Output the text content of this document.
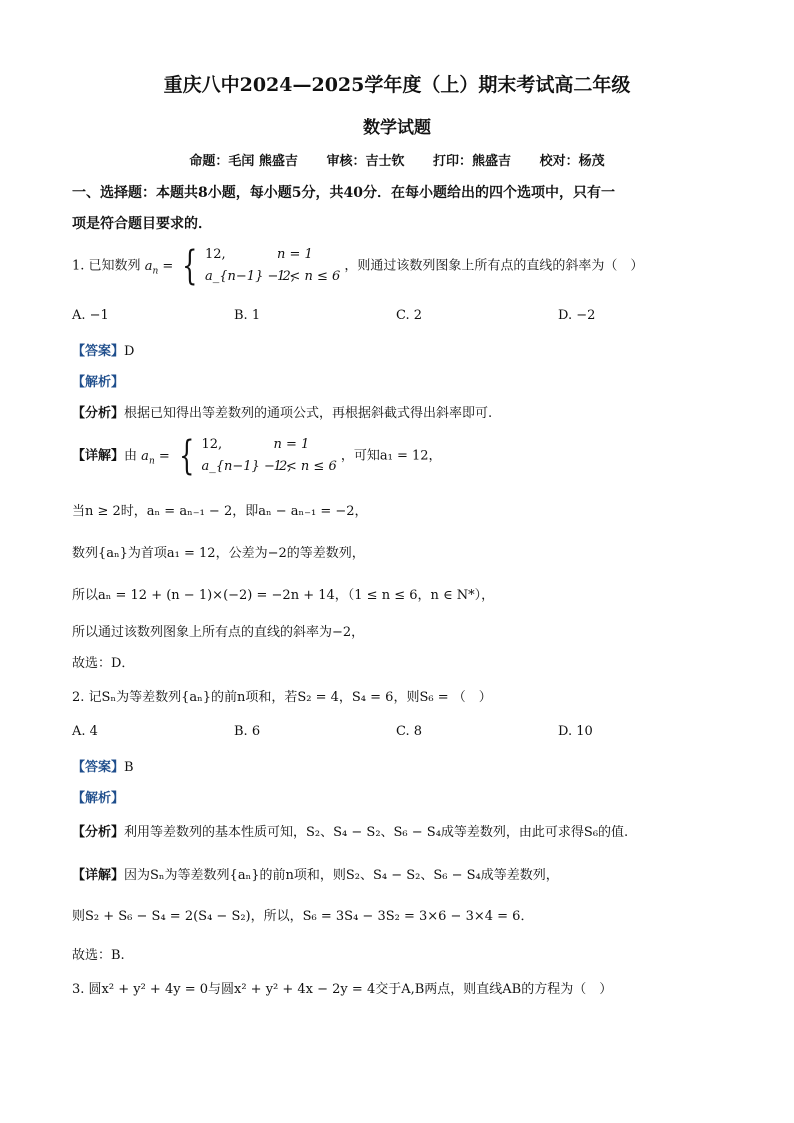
重庆八中2024—2025学年度（上）期末考试高二年级
数学试题
命题：毛闰 熊盛吉 审核：吉士钦 打印：熊盛吉 校对：杨茂
一、选择题：本题共8小题，每小题5分，共40分．在每小题给出的四个选项中，只有一
项是符合题目要求的．
1. 已知数列 $a_n$ = { 12,	n = 1
a_{n−1} − 2,1 < n ≤ 6
，则通过该数列图象上所有点的直线的斜率为（　）
A. −1	B. 1	C. 2	D. −2
【答案】D
【解析】
【分析】根据已知得出等差数列的通项公式，再根据斜截式得出斜率即可.
【详解】由 $a_n$ = { 12,	n = 1
a_{n−1} − 2,1 < n ≤ 6
，可知a₁ = 12，
当n ≥ 2时，aₙ = aₙ₋₁ − 2，即aₙ − aₙ₋₁ = −2，
数列{aₙ}为首项a₁ = 12，公差为−2的等差数列，
所以aₙ = 12 + (n − 1)×(−2) = −2n + 14，（1 ≤ n ≤ 6，n ∈ N*），
所以通过该数列图象上所有点的直线的斜率为−2，
故选：D．
2. 记Sₙ为等差数列{aₙ}的前n项和，若S₂ = 4，S₄ = 6，则S₆ = （　）
A. 4	B. 6	C. 8	D. 10
【答案】B
【解析】
【分析】利用等差数列的基本性质可知，S₂、S₄ − S₂、S₆ − S₄成等差数列，由此可求得S₆的值.
【详解】因为Sₙ为等差数列{aₙ}的前n项和，则S₂、S₄ − S₂、S₆ − S₄成等差数列，
则S₂ + S₆ − S₄ = 2(S₄ − S₂)，所以，S₆ = 3S₄ − 3S₂ = 3×6 − 3×4 = 6．
故选：B.
3. 圆x² + y² + 4y = 0与圆x² + y² + 4x − 2y = 4交于A,B两点，则直线AB的方程为（　）
